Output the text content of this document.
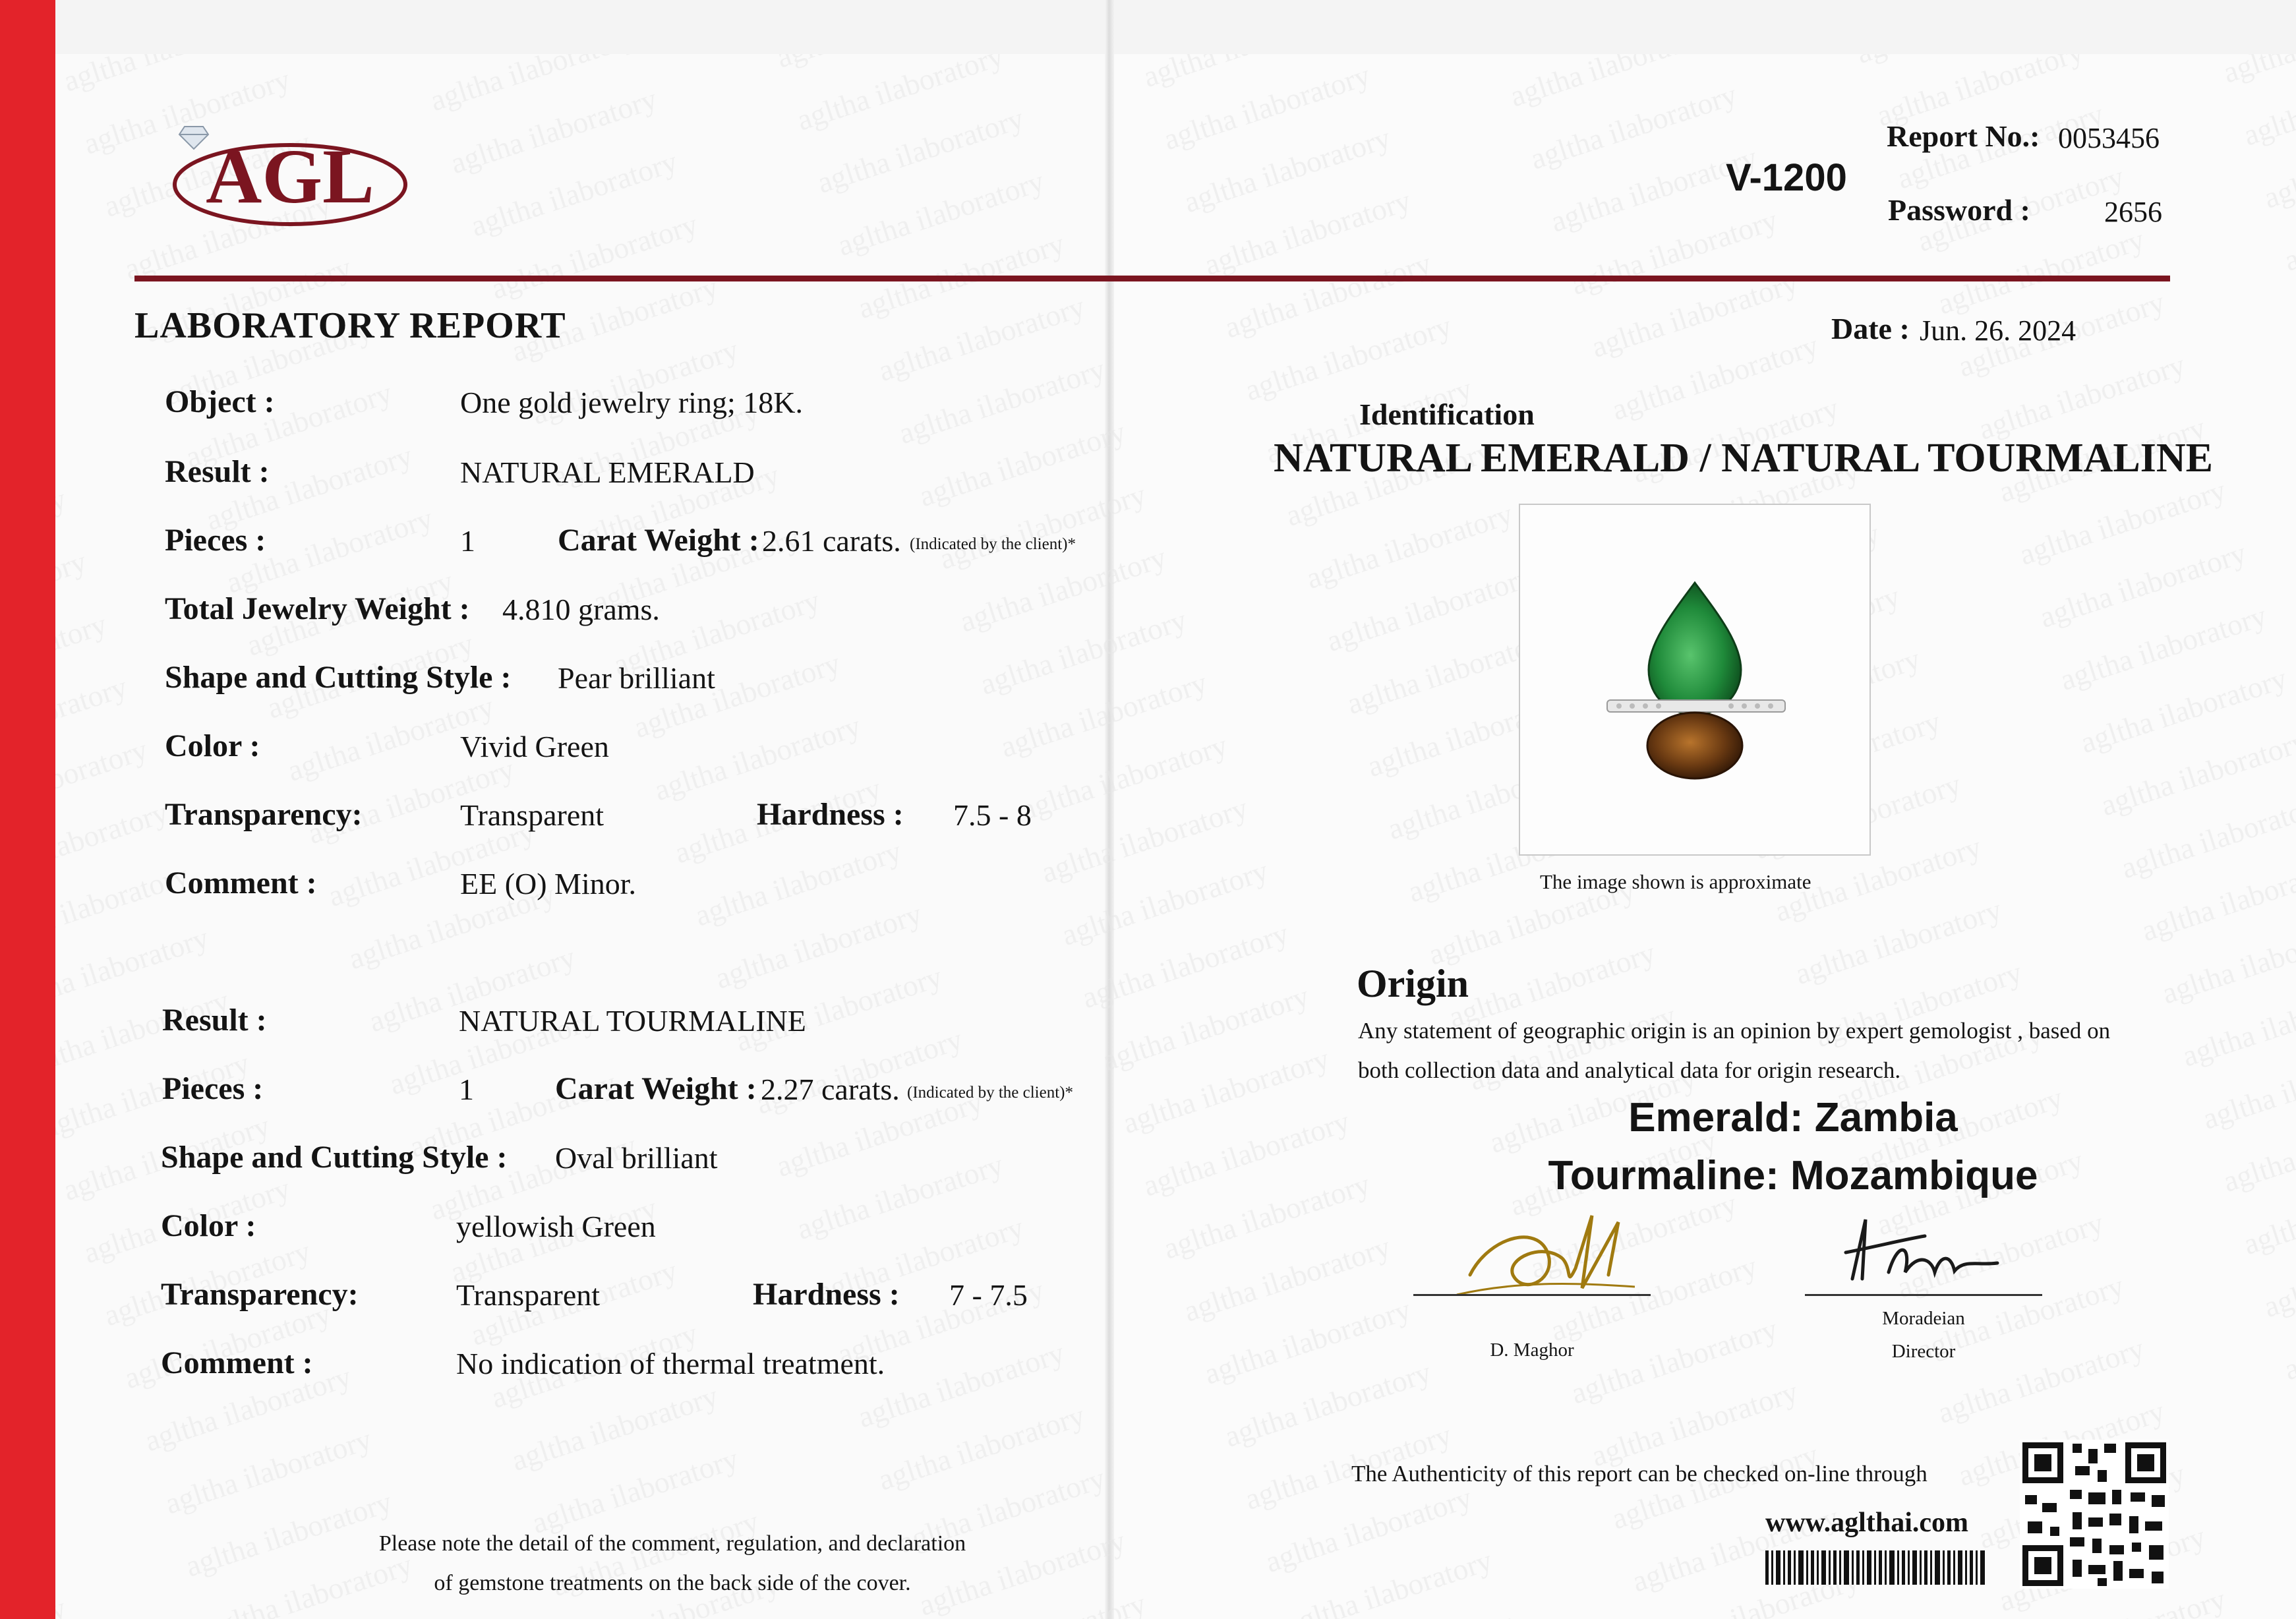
AGL
LABORATORY REPORT
Object :	One gold jewelry ring; 18K.
Result :	NATURAL EMERALD
Pieces :	1	Carat Weight : 2.61 carats. (Indicated by the client)*
Total Jewelry Weight : 4.810 grams.
Shape and Cutting Style : Pear brilliant
Color :	Vivid Green
Transparency:	Transparent	Hardness : 7.5 - 8
Comment :	EE (O) Minor.
Result :	NATURAL TOURMALINE
Pieces :	1	Carat Weight : 2.27 carats. (Indicated by the client)*
Shape and Cutting Style : Oval brilliant
Color :	yellowish Green
Transparency:	Transparent	Hardness : 7 - 7.5
Comment :	No indication of thermal treatment.
Please note the detail of the comment, regulation, and declaration
of gemstone treatments on the back side of the cover.
V-1200
Report No.: 0053456
Password :	2656
Date : Jun. 26. 2024
Identification
NATURAL EMERALD / NATURAL TOURMALINE
The image shown is approximate
Origin
Any statement of geographic origin is an opinion by expert gemologist , based on
both collection data and analytical data for origin research.
Emerald: Zambia
Tourmaline: Mozambique
D. Maghor
Moradeian
Director
The Authenticity of this report can be checked on-line through
www.aglthai.com
